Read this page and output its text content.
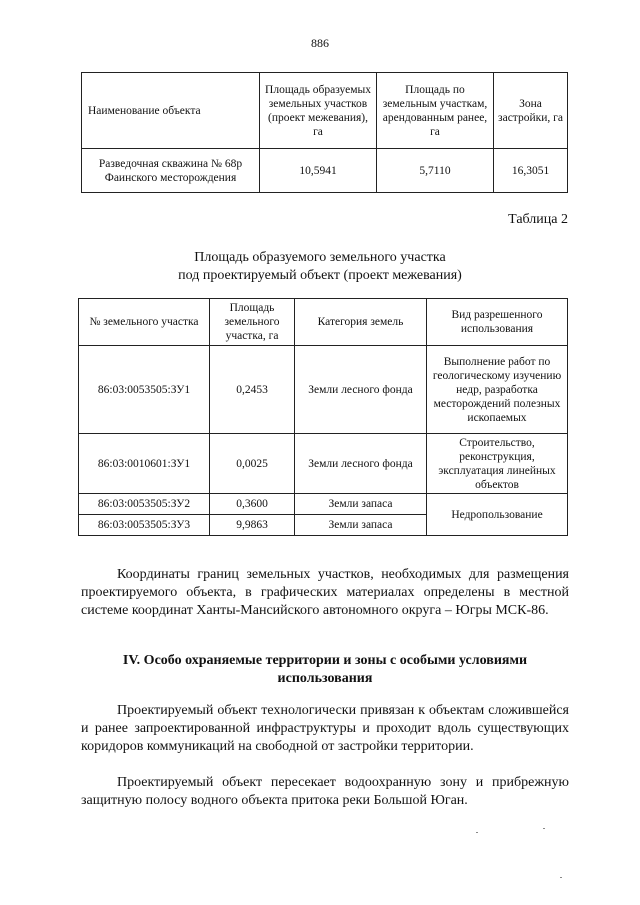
886
Наименование объекта	Площадь образуемых земельных участков (проект межевания), га	Площадь по земельным участкам, арендованным ранее, га	Зона застройки, га
Разведочная скважина № 68р Фаинского месторождения	10,5941	5,7110	16,3051
Таблица 2
Площадь образуемого земельного участка
под проектируемый объект (проект межевания)
№ земельного участка	Площадь земельного участка, га	Категория земель	Вид разрешенного использования
86:03:0053505:ЗУ1	0,2453	Земли лесного фонда	Выполнение работ по геологическому изучению недр, разработка месторождений полезных ископаемых
86:03:0010601:ЗУ1	0,0025	Земли лесного фонда	Строительство, реконструкция, эксплуатация линейных объектов
86:03:0053505:ЗУ2	0,3600	Земли запаса	Недропользование
86:03:0053505:ЗУ3	9,9863	Земли запаса	

Координаты границ земельных участков, необходимых для размещения проектируемого объекта, в графических материалах определены в местной системе координат Ханты-Мансийского автономного округа – Югры МСК-86.

IV. Особо охраняемые территории и зоны с особыми условиями
использования

Проектируемый объект технологически привязан к объектам сложившейся и ранее запроектированной инфраструктуры и проходит вдоль существующих коридоров коммуникаций на свободной от застройки территории.

Проектируемый объект пересекает водоохранную зону и прибрежную защитную полосу водного объекта притока реки Большой Юган.
